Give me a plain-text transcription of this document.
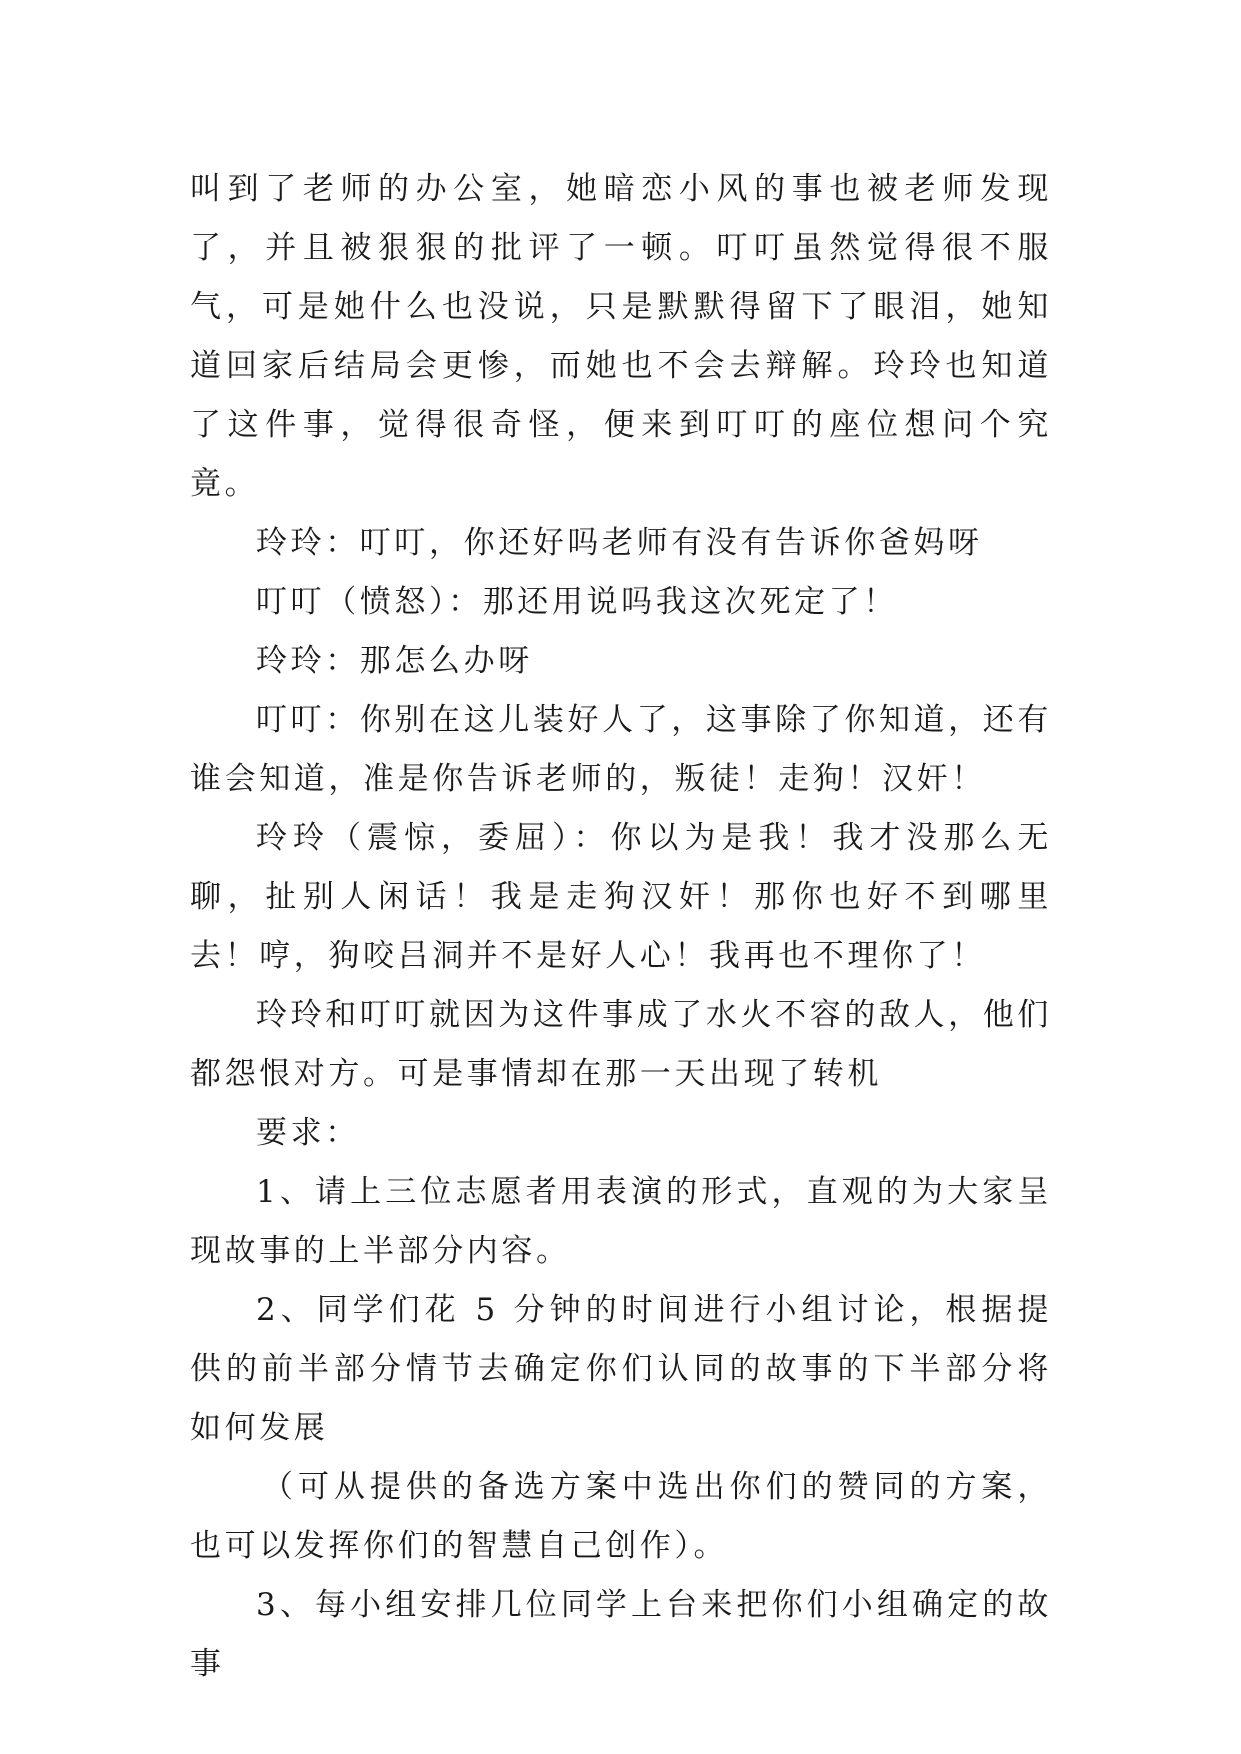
叫到了老师的办公室，她暗恋小风的事也被老师发现了，并且被狠狠的批评了一顿。叮叮虽然觉得很不服气，可是她什么也没说，只是默默得留下了眼泪，她知道回家后结局会更惨，而她也不会去辩解。玲玲也知道了这件事，觉得很奇怪，便来到叮叮的座位想问个究竟。

玲玲：叮叮，你还好吗老师有没有告诉你爸妈呀

叮叮（愤怒）：那还用说吗我这次死定了！

玲玲：那怎么办呀

叮叮：你别在这儿装好人了，这事除了你知道，还有谁会知道，准是你告诉老师的，叛徒！走狗！汉奸！

玲玲（震惊，委屈）：你以为是我！我才没那么无聊，扯别人闲话！我是走狗汉奸！那你也好不到哪里去！哼，狗咬吕洞并不是好人心！我再也不理你了！

玲玲和叮叮就因为这件事成了水火不容的敌人，他们都怨恨对方。可是事情却在那一天出现了转机

要求：

1、请上三位志愿者用表演的形式，直观的为大家呈现故事的上半部分内容。

2、同学们花 5 分钟的时间进行小组讨论，根据提供的前半部分情节去确定你们认同的故事的下半部分将如何发展

（可从提供的备选方案中选出你们的赞同的方案，也可以发挥你们的智慧自己创作）。

3、每小组安排几位同学上台来把你们小组确定的故事
